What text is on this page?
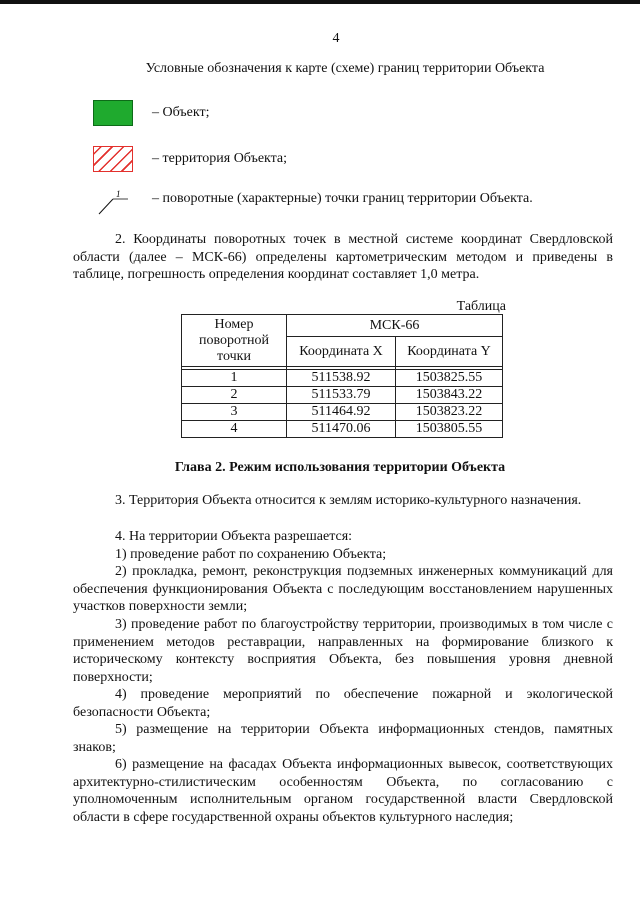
4
Условные обозначения к карте (схеме) границ территории Объекта
– Объект;
– территория Объекта;
1 – поворотные (характерные) точки границ территории Объекта.
2. Координаты поворотных точек в местной системе координат Свердловской области (далее – МСК-66) определены картометрическим методом и приведены в таблице, погрешность определения координат составляет 1,0 метра.
Таблица
Номер поворотной точки	МСК-66	
	Координата X	Координата Y

1	511538.92	1503825.55
2	511533.79	1503843.22
3	511464.92	1503823.22
4	511470.06	1503805.55
Глава 2. Режим использования территории Объекта
3. Территория Объекта относится к землям историко-культурного назначения.
4. На территории Объекта разрешается:
1) проведение работ по сохранению Объекта;
2) прокладка, ремонт, реконструкция подземных инженерных коммуникаций для обеспечения функционирования Объекта с последующим восстановлением нарушенных участков поверхности земли;
3) проведение работ по благоустройству территории, производимых в том числе с применением методов реставрации, направленных на формирование близкого к историческому контексту восприятия Объекта, без повышения уровня дневной поверхности;
4) проведение мероприятий по обеспечение пожарной и экологической безопасности Объекта;
5) размещение на территории Объекта информационных стендов, памятных знаков;
6) размещение на фасадах Объекта информационных вывесок, соответствующих архитектурно-стилистическим особенностям Объекта, по согласованию с уполномоченным исполнительным органом государственной власти Свердловской области в сфере государственной охраны объектов культурного наследия;
